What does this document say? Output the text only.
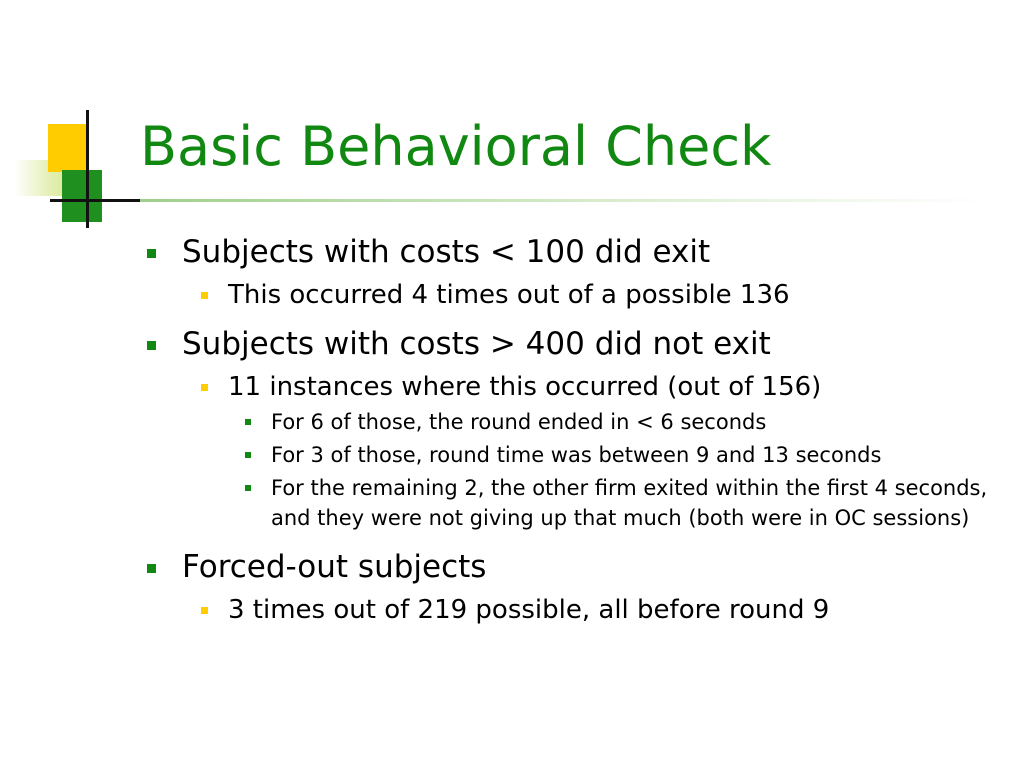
Basic Behavioral Check
Subjects with costs < 100 did exit
This occurred 4 times out of a possible 136
Subjects with costs > 400 did not exit
11 instances where this occurred (out of 156)
For 6 of those, the round ended in < 6 seconds
For 3 of those, round time was between 9 and 13 seconds
For the remaining 2, the other firm exited within the first 4 seconds, and they were not giving up that much (both were in OC sessions)
Forced-out subjects
3 times out of 219 possible, all before round 9
